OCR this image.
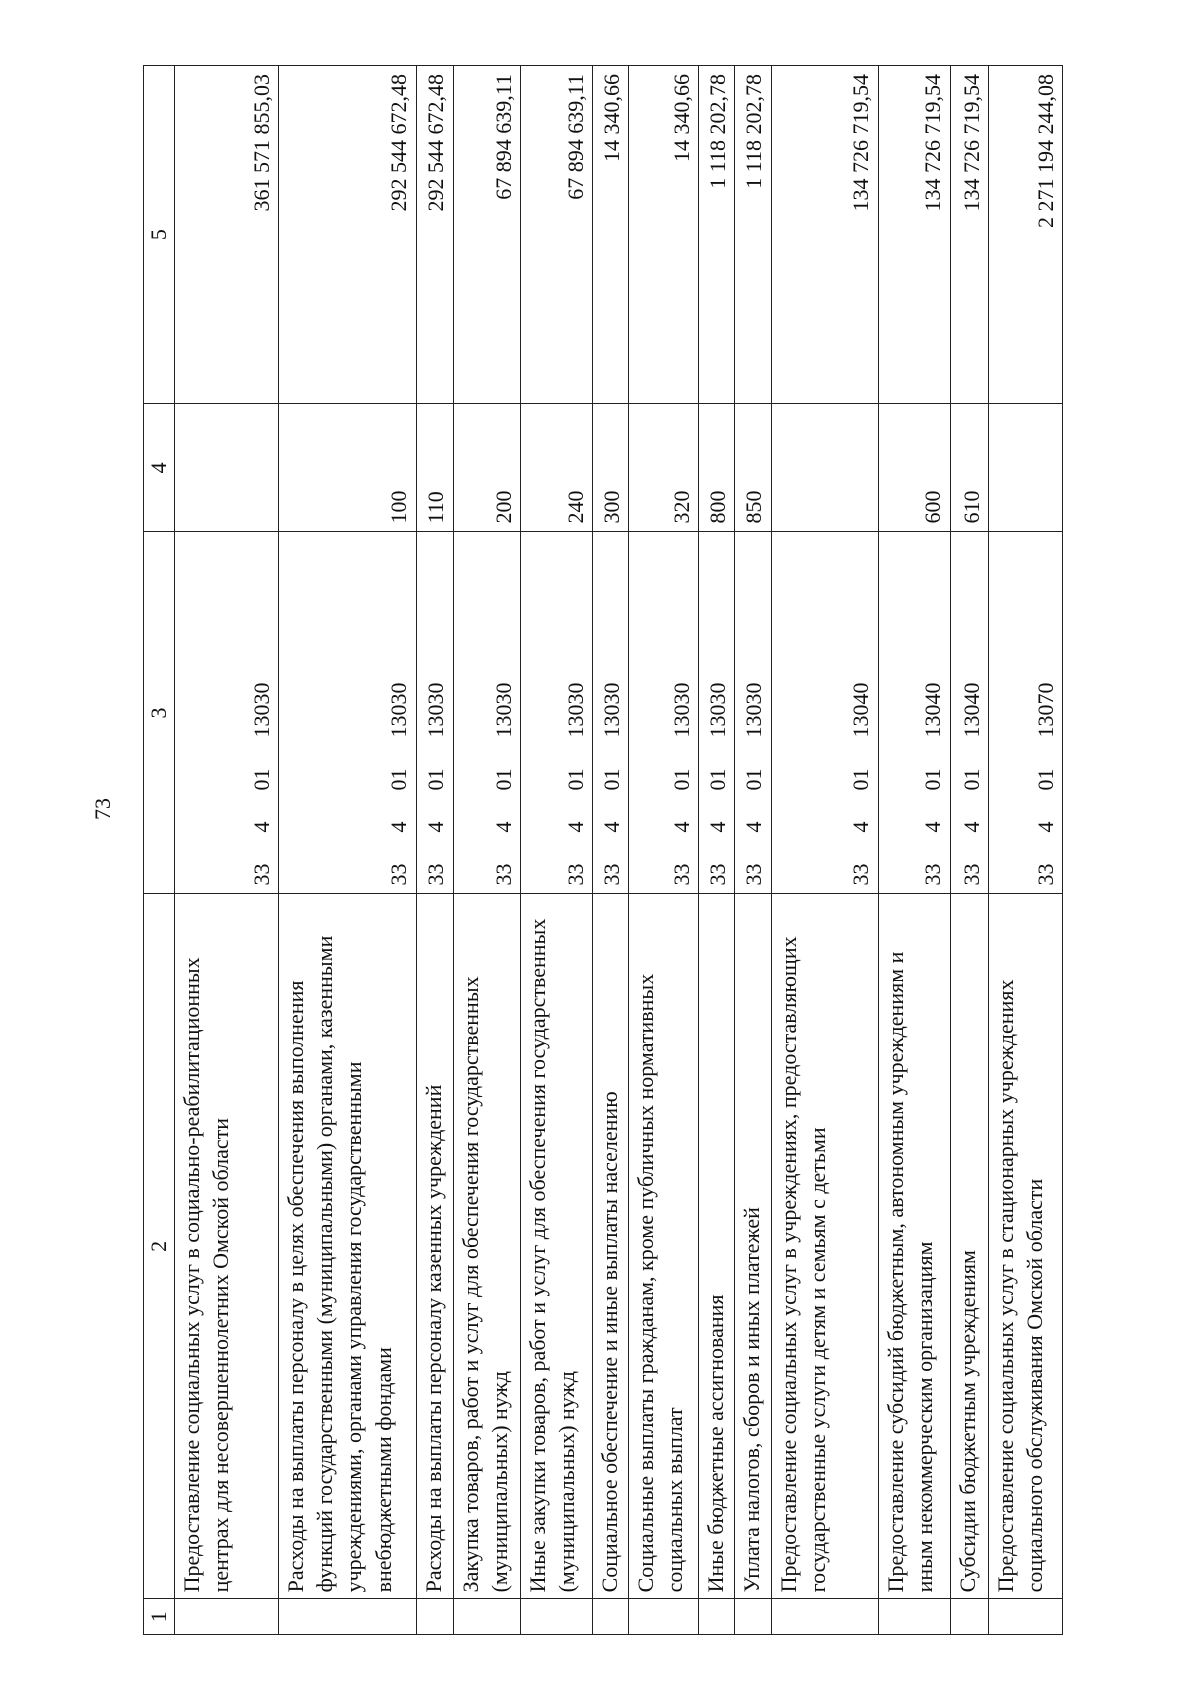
73
1	2	3	4	5
	Предоставление социальных услуг в социально-реабилитационных центрах для несовершеннолетних Омской области	33  4  01  13030		361 571 855,03
	Расходы на выплаты персоналу в целях обеспечения выполнения функций государственными (муниципальными) органами, казенными учреждениями, органами управления государственными внебюджетными фондами	33  4  01  13030	100	292 544 672,48
	Расходы на выплаты персоналу казенных учреждений	33  4  01  13030	110	292 544 672,48
	Закупка товаров, работ и услуг для обеспечения государственных (муниципальных) нужд	33  4  01  13030	200	67 894 639,11
	Иные закупки товаров, работ и услуг для обеспечения государственных (муниципальных) нужд	33  4  01  13030	240	67 894 639,11
	Социальное обеспечение и иные выплаты населению	33  4  01  13030	300	14 340,66
	Социальные выплаты гражданам, кроме публичных нормативных социальных выплат	33  4  01  13030	320	14 340,66
	Иные бюджетные ассигнования	33  4  01  13030	800	1 118 202,78
	Уплата налогов, сборов и иных платежей	33  4  01  13030	850	1 118 202,78
	Предоставление социальных услуг в учреждениях, предоставляющих государственные услуги детям и семьям с детьми	33  4  01  13040		134 726 719,54
	Предоставление субсидий бюджетным, автономным учреждениям и иным некоммерческим организациям	33  4  01  13040	600	134 726 719,54
	Субсидии бюджетным учреждениям	33  4  01  13040	610	134 726 719,54
	Предоставление социальных услуг в стационарных учреждениях социального обслуживания Омской области	33  4  01  13070		2 271 194 244,08
